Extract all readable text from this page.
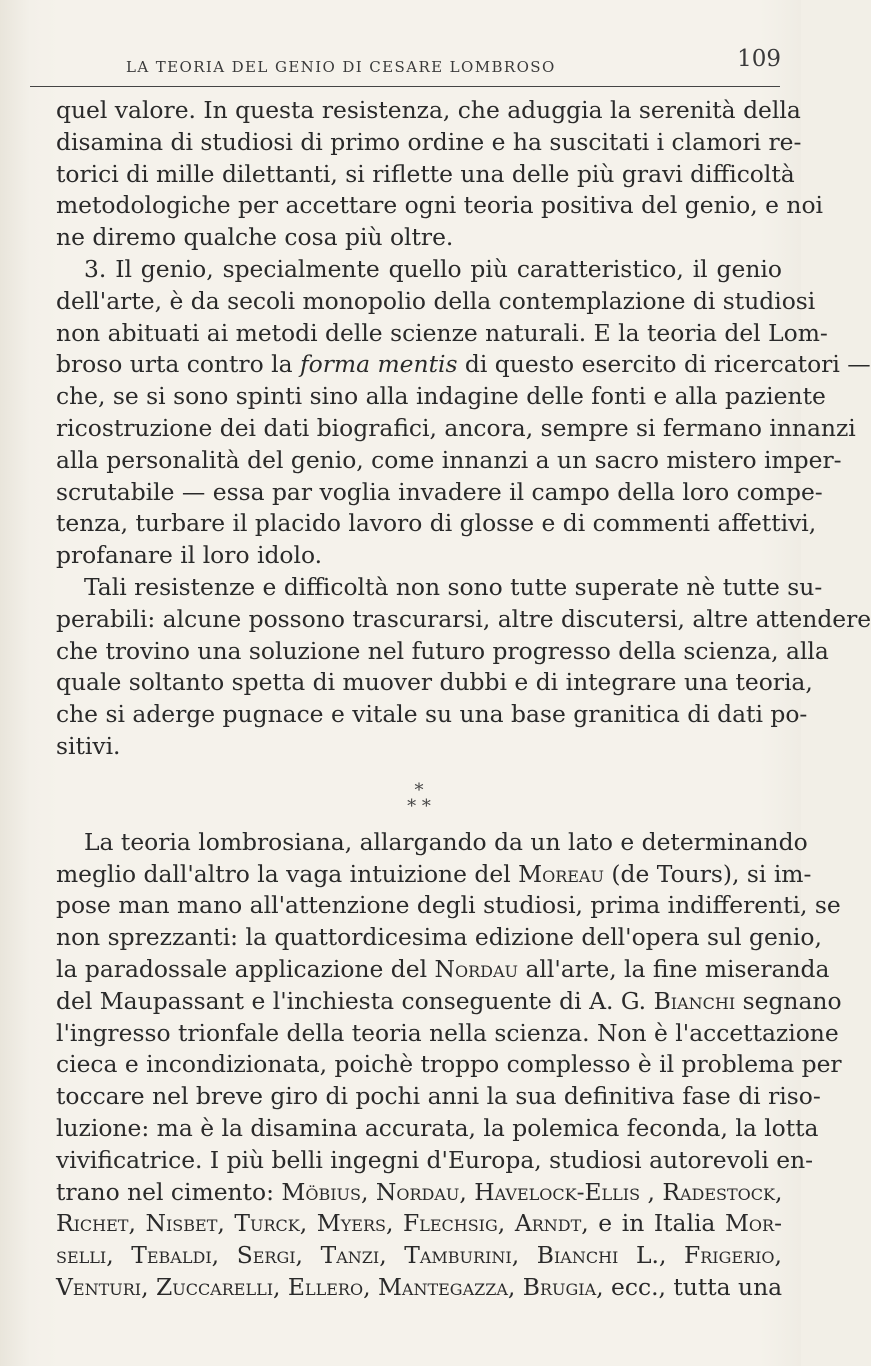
LA TEORIA DEL GENIO DI CESARE LOMBROSO	109
quel valore. In questa resistenza, che aduggia la serenità della
disamina di studiosi di primo ordine e ha suscitati i clamori re-
torici di mille dilettanti, si riflette una delle più gravi difficoltà
metodologiche per accettare ogni teoria positiva del genio, e noi
ne diremo qualche cosa più oltre.
3. Il genio, specialmente quello più caratteristico, il genio
dell'arte, è da secoli monopolio della contemplazione di studiosi
non abituati ai metodi delle scienze naturali. E la teoria del Lom-
broso urta contro la forma mentis di questo esercito di ricercatori —
che, se si sono spinti sino alla indagine delle fonti e alla paziente
ricostruzione dei dati biografici, ancora, sempre si fermano innanzi
alla personalità del genio, come innanzi a un sacro mistero imper-
scrutabile — essa par voglia invadere il campo della loro compe-
tenza, turbare il placido lavoro di glosse e di commenti affettivi,
profanare il loro idolo.
Tali resistenze e difficoltà non sono tutte superate nè tutte su-
perabili: alcune possono trascurarsi, altre discutersi, altre attendere
che trovino una soluzione nel futuro progresso della scienza, alla
quale soltanto spetta di muover dubbi e di integrare una teoria,
che si aderge pugnace e vitale su una base granitica di dati po-
sitivi.
*
* *
La teoria lombrosiana, allargando da un lato e determinando
meglio dall'altro la vaga intuizione del Moreau (de Tours), si im-
pose man mano all'attenzione degli studiosi, prima indifferenti, se
non sprezzanti: la quattordicesima edizione dell'opera sul genio,
la paradossale applicazione del Nordau all'arte, la fine miseranda
del Maupassant e l'inchiesta conseguente di A. G. Bianchi segnano
l'ingresso trionfale della teoria nella scienza. Non è l'accettazione
cieca e incondizionata, poichè troppo complesso è il problema per
toccare nel breve giro di pochi anni la sua definitiva fase di riso-
luzione: ma è la disamina accurata, la polemica feconda, la lotta
vivificatrice. I più belli ingegni d'Europa, studiosi autorevoli en-
trano nel cimento: Möbius, Nordau, Havelock-Ellis , Radestock,
Richet, Nisbet, Turck, Myers, Flechsig, Arndt, e in Italia Mor-
selli, Tebaldi, Sergi, Tanzi, Tamburini, Bianchi L., Frigerio,
Venturi, Zuccarelli, Ellero, Mantegazza, Brugia, ecc., tutta una
